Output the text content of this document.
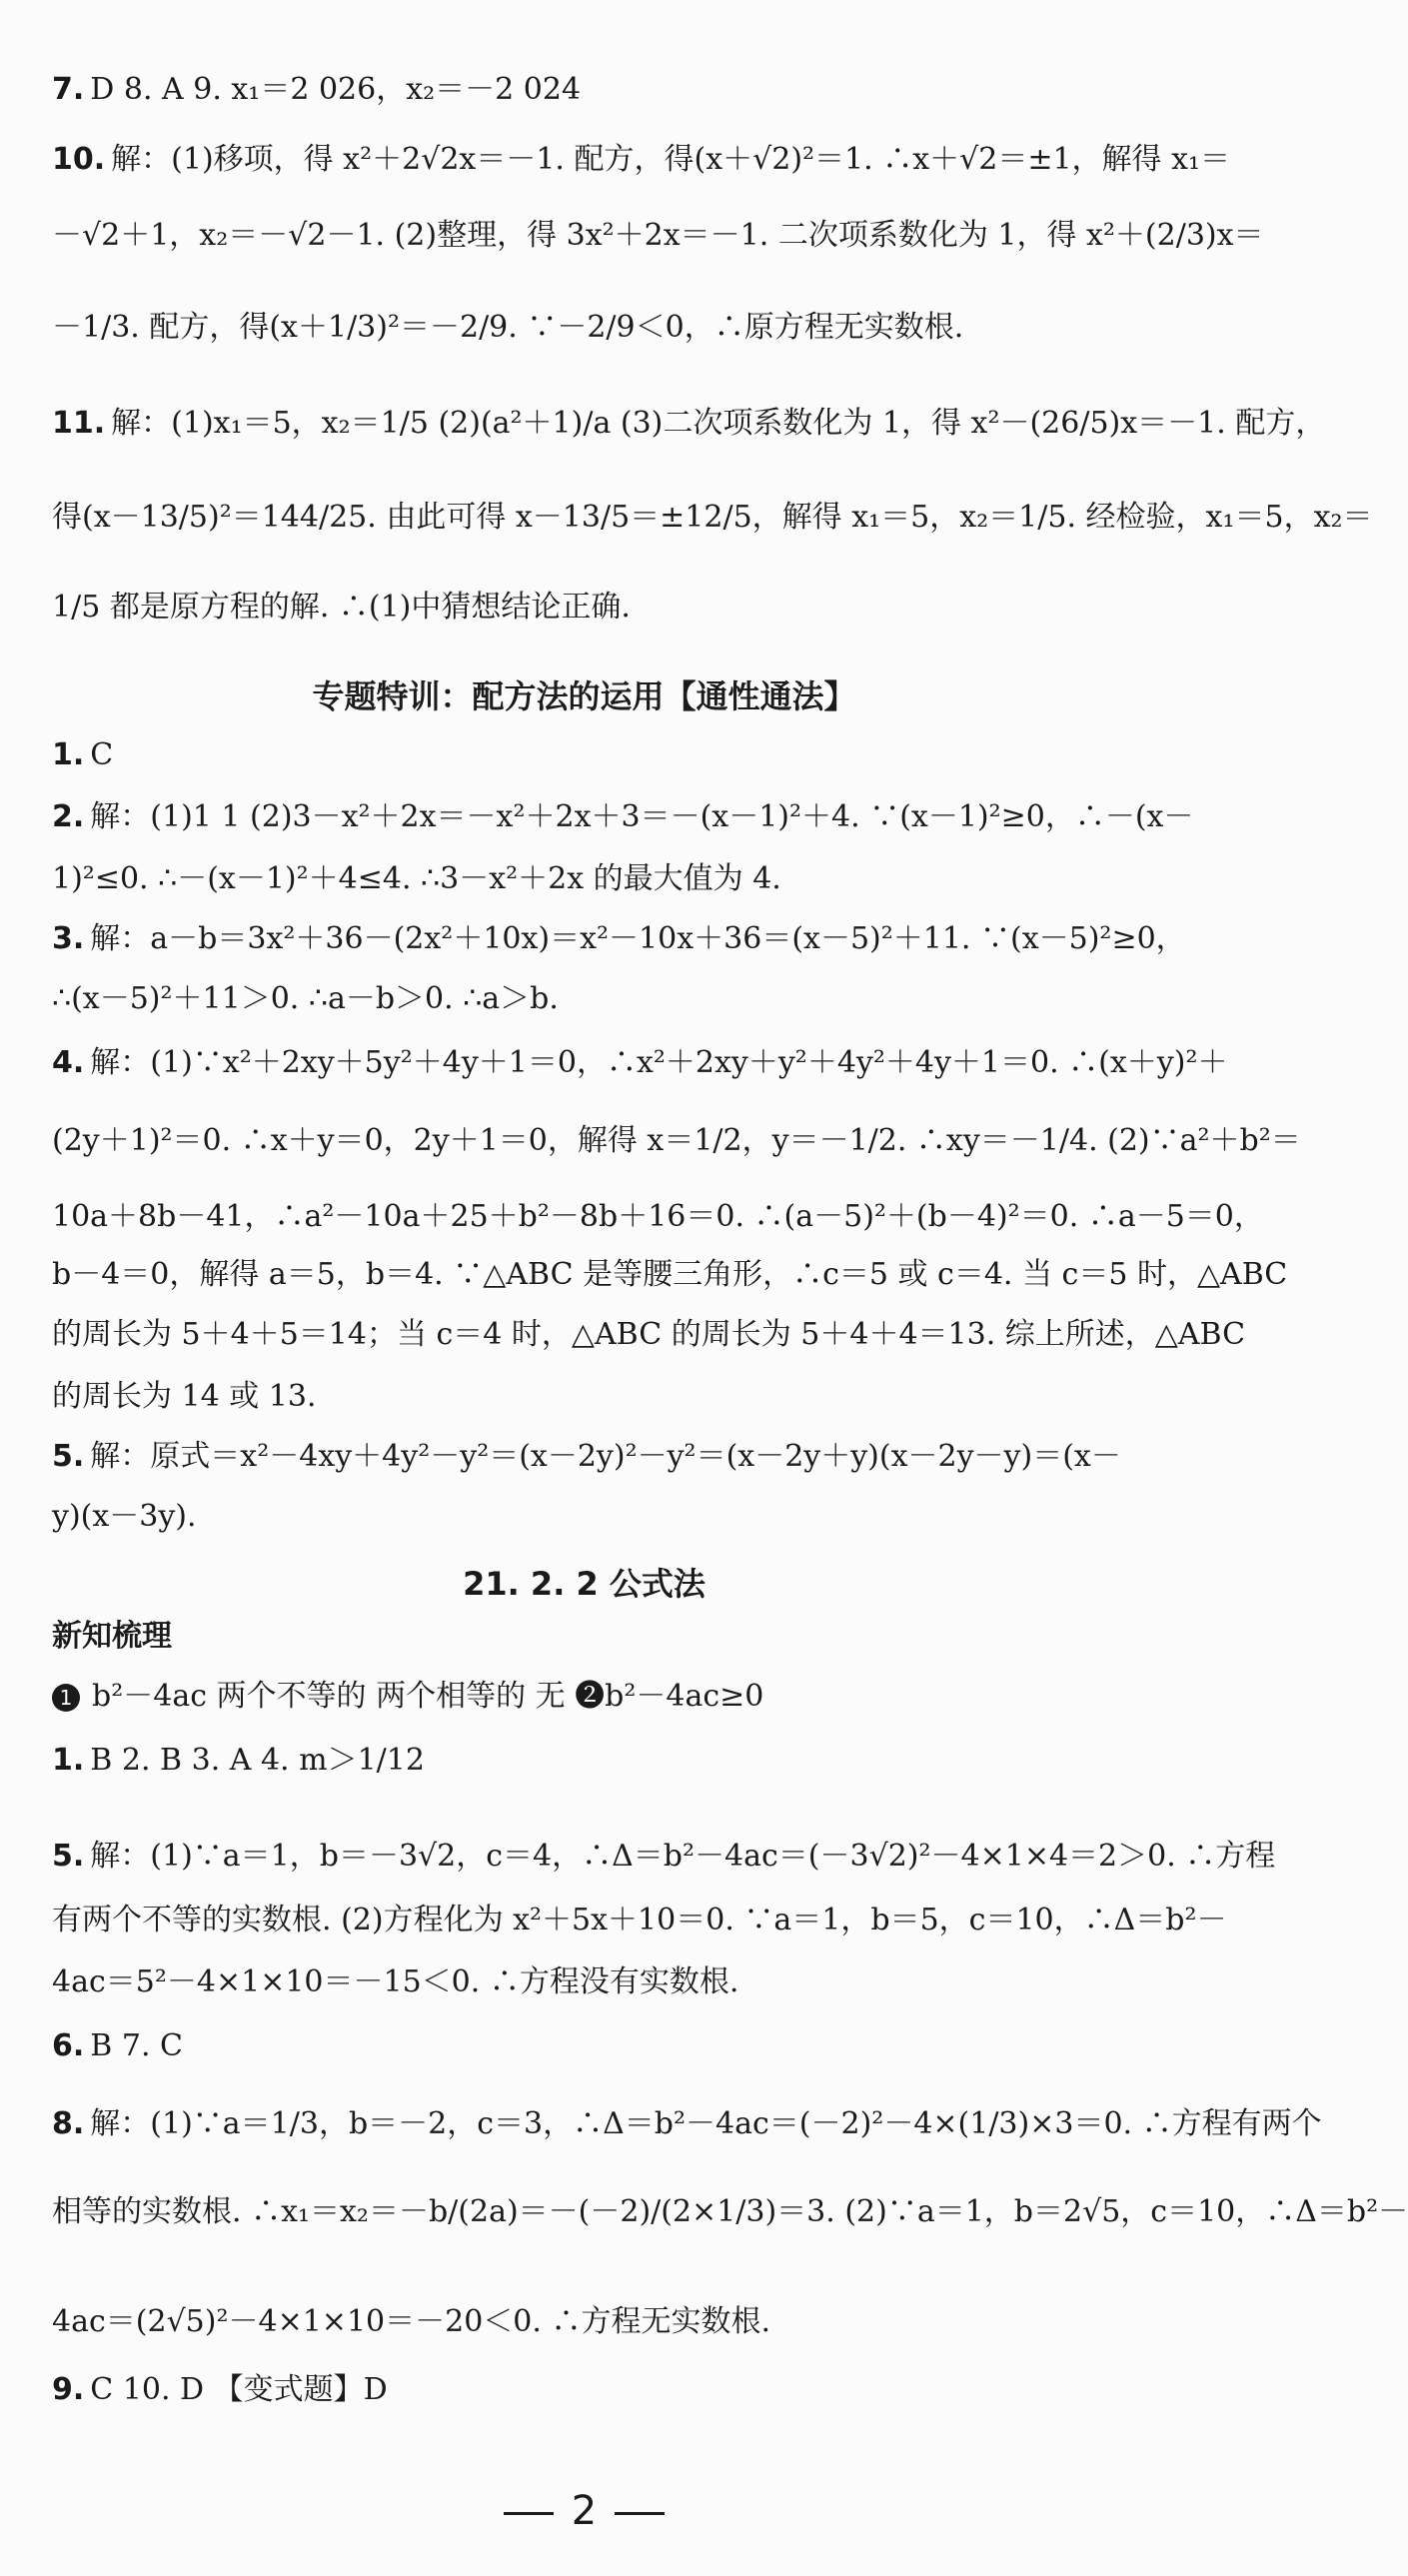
7. D 8. A 9. x₁＝2 026，x₂＝－2 024
10. 解：(1)移项，得 x²＋2√2x＝－1. 配方，得(x＋√2)²＝1. ∴x＋√2＝±1，解得 x₁＝
－√2＋1，x₂＝－√2－1. (2)整理，得 3x²＋2x＝－1. 二次项系数化为 1，得 x²＋(2/3)x＝
－1/3. 配方，得(x＋1/3)²＝－2/9. ∵－2/9＜0，∴原方程无实数根.
11. 解：(1)x₁＝5，x₂＝1/5 (2)(a²＋1)/a (3)二次项系数化为 1，得 x²－(26/5)x＝－1. 配方，
得(x－13/5)²＝144/25. 由此可得 x－13/5＝±12/5，解得 x₁＝5，x₂＝1/5. 经检验，x₁＝5，x₂＝
1/5 都是原方程的解. ∴(1)中猜想结论正确.
1. C
2. 解：(1)1 1 (2)3－x²＋2x＝－x²＋2x＋3＝－(x－1)²＋4. ∵(x－1)²≥0，∴－(x－
1)²≤0. ∴－(x－1)²＋4≤4. ∴3－x²＋2x 的最大值为 4.
3. 解：a－b＝3x²＋36－(2x²＋10x)＝x²－10x＋36＝(x－5)²＋11. ∵(x－5)²≥0，
∴(x－5)²＋11＞0. ∴a－b＞0. ∴a＞b.
4. 解：(1)∵x²＋2xy＋5y²＋4y＋1＝0，∴x²＋2xy＋y²＋4y²＋4y＋1＝0. ∴(x＋y)²＋
(2y＋1)²＝0. ∴x＋y＝0，2y＋1＝0，解得 x＝1/2，y＝－1/2. ∴xy＝－1/4. (2)∵a²＋b²＝
10a＋8b－41，∴a²－10a＋25＋b²－8b＋16＝0. ∴(a－5)²＋(b－4)²＝0. ∴a－5＝0，
b－4＝0，解得 a＝5，b＝4. ∵△ABC 是等腰三角形，∴c＝5 或 c＝4. 当 c＝5 时，△ABC
的周长为 5＋4＋5＝14；当 c＝4 时，△ABC 的周长为 5＋4＋4＝13. 综上所述，△ABC
的周长为 14 或 13.
5. 解：原式＝x²－4xy＋4y²－y²＝(x－2y)²－y²＝(x－2y＋y)(x－2y－y)＝(x－
y)(x－3y).
b²－4ac 两个不等的 两个相等的 无 ❷b²－4ac≥0
1. B 2. B 3. A 4. m＞1/12
5. 解：(1)∵a＝1，b＝－3√2，c＝4，∴Δ＝b²－4ac＝(－3√2)²－4×1×4＝2＞0. ∴方程
有两个不等的实数根. (2)方程化为 x²＋5x＋10＝0. ∵a＝1，b＝5，c＝10，∴Δ＝b²－
4ac＝5²－4×1×10＝－15＜0. ∴方程没有实数根.
6. B 7. C
8. 解：(1)∵a＝1/3，b＝－2，c＝3，∴Δ＝b²－4ac＝(－2)²－4×(1/3)×3＝0. ∴方程有两个
相等的实数根. ∴x₁＝x₂＝－b/(2a)＝－(－2)/(2×1/3)＝3. (2)∵a＝1，b＝2√5，c＝10，∴Δ＝b²－
4ac＝(2√5)²－4×1×10＝－20＜0. ∴方程无实数根.
9. C 10. D 【变式题】D
专题特训：配方法的运用【通性通法】
21. 2. 2 公式法
新知梳理
1
2
